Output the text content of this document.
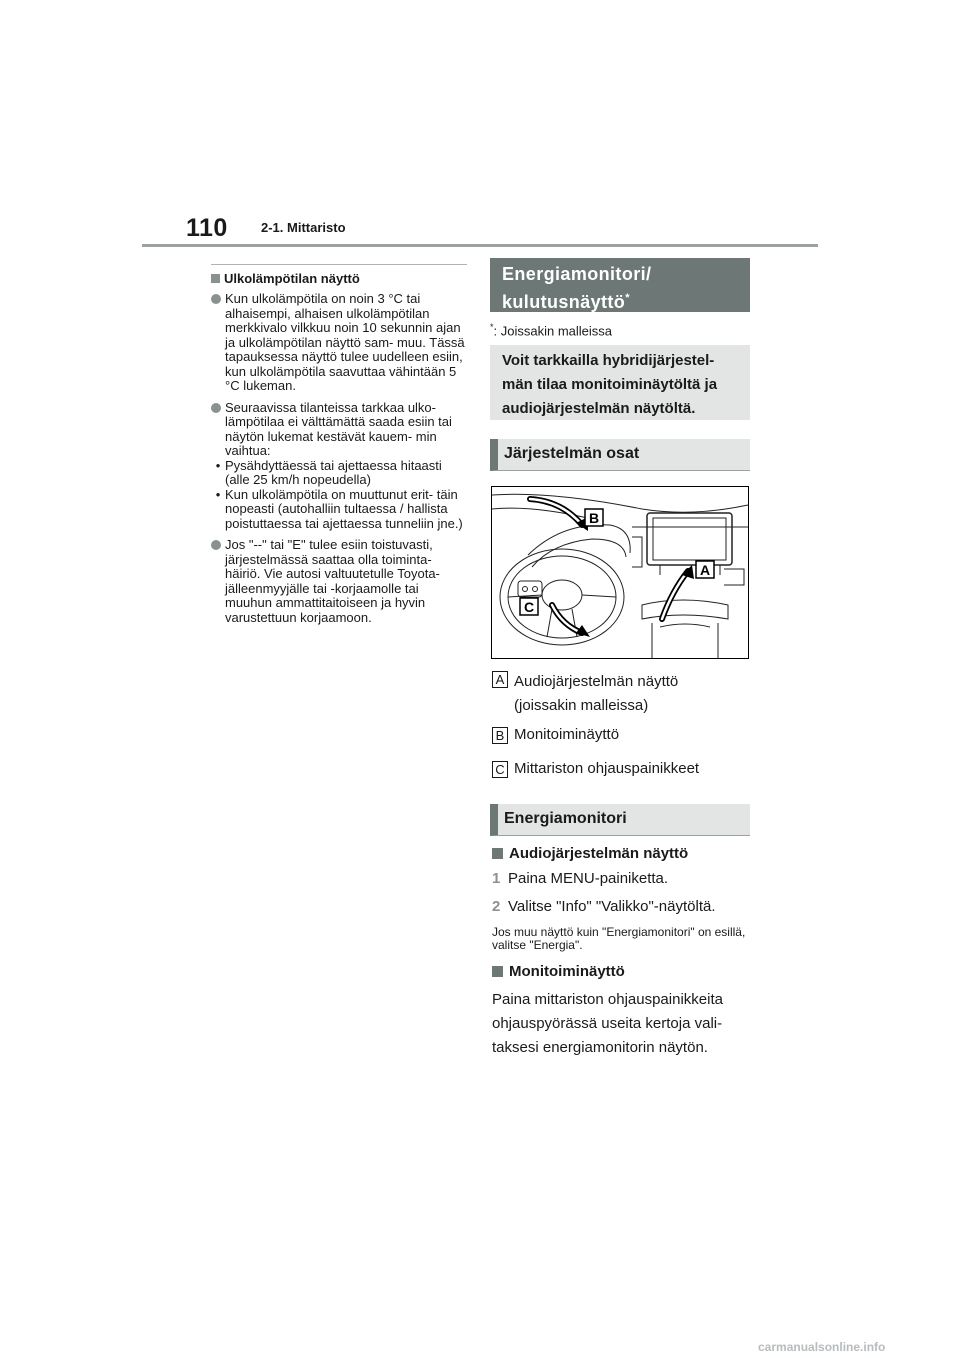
110	2-1. Mittaristo
Ulkolämpötilan näyttö
Kun ulkolämpötila on noin 3 °C tai alhaisempi, alhaisen ulkolämpötilan merkkivalo vilkkuu noin 10 sekunnin ajan ja ulkolämpötilan näyttö sam- muu. Tässä tapauksessa näyttö tulee uudelleen esiin, kun ulkolämpötila saavuttaa vähintään 5 °C lukeman.
Seuraavissa tilanteissa tarkkaa ulko- lämpötilaa ei välttämättä saada esiin tai näytön lukemat kestävät kauem- min vaihtua:
• Pysähdyttäessä tai ajettaessa hitaasti (alle 25 km/h nopeudella)
• Kun ulkolämpötila on muuttunut erit- täin nopeasti (autohalliin tultaessa / hallista poistuttaessa tai ajettaessa tunneliin jne.)
Jos "--" tai "E" tulee esiin toistuvasti, järjestelmässä saattaa olla toiminta- häiriö. Vie autosi valtuutetulle Toyota- jälleenmyyjälle tai -korjaamolle tai muuhun ammattitaitoiseen ja hyvin varustettuun korjaamoon.
Energiamonitori/
kulutusnäyttö*
*: Joissakin malleissa
Voit tarkkailla hybridijärjestel- män tilaa monitoiminäytöltä ja audiojärjestelmän näytöltä.
Järjestelmän osat
B
A
C
A Audiojärjestelmän näyttö
(joissakin malleissa)
B Monitoiminäyttö
C Mittariston ohjauspainikkeet
Energiamonitori
Audiojärjestelmän näyttö
1 Paina MENU-painiketta.
2 Valitse "Info" "Valikko"-näytöltä.
Jos muu näyttö kuin "Energiamonitori" on esillä, valitse "Energia".
Monitoiminäyttö
Paina mittariston ohjauspainikkeita ohjauspyörässä useita kertoja vali- taksesi energiamonitorin näytön.
carmanualsonline.info
